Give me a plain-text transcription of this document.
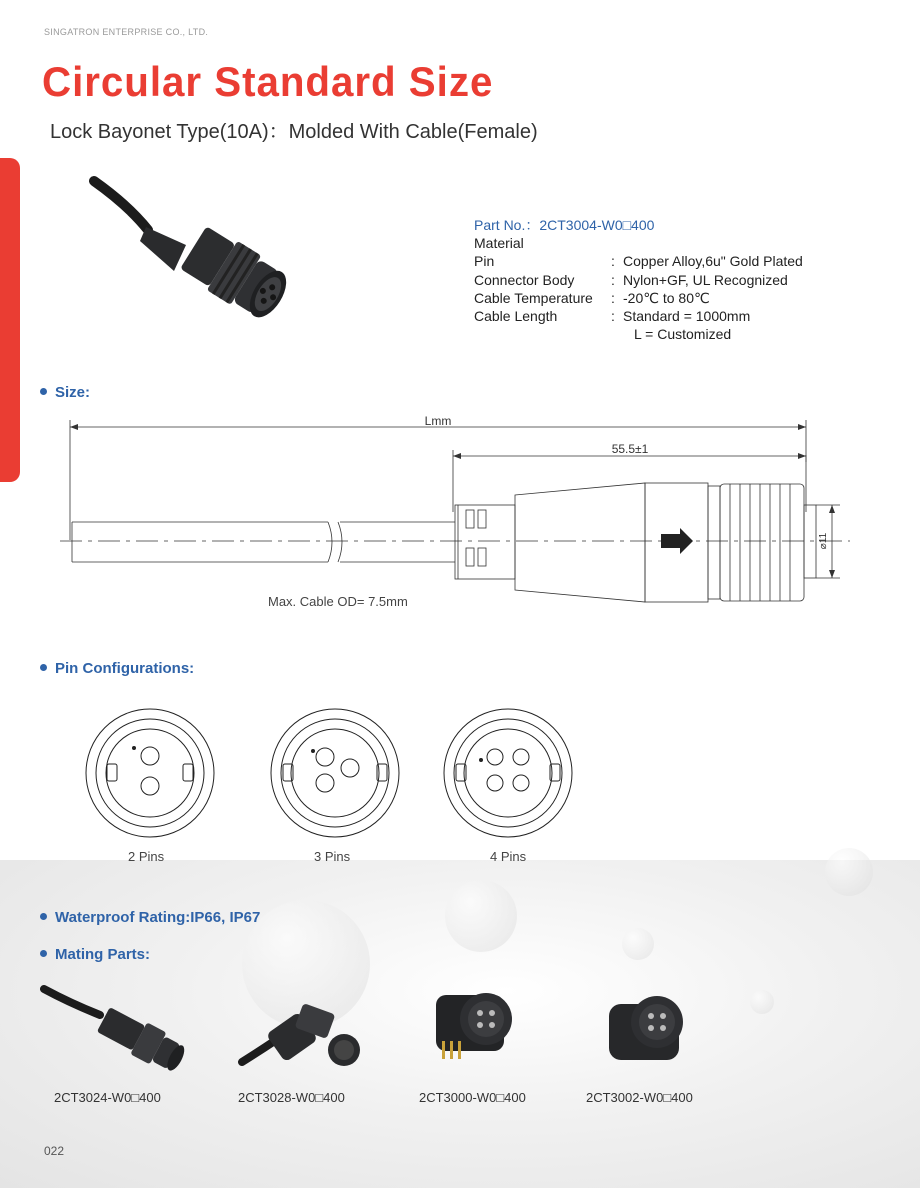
SINGATRON ENTERPRISE CO., LTD.
Circular Standard Size
Lock Bayonet Type(10A)：Molded With Cable(Female)
Part No.：2CT3004-W0□400
Material
Pin	: Copper Alloy,6u" Gold Plated
Connector Body	: Nylon+GF, UL Recognized
Cable Temperature	: -20℃ to 80℃
Cable Length	: Standard = 1000mm
L = Customized
Size:
Lmm
55.5±1
⌀11
Max. Cable OD= 7.5mm
Pin Configurations:
2 Pins	3 Pins	4 Pins
Waterproof Rating:IP66, IP67
Mating Parts:
2CT3024-W0□400	2CT3028-W0□400	2CT3000-W0□400	2CT3002-W0□400
022
